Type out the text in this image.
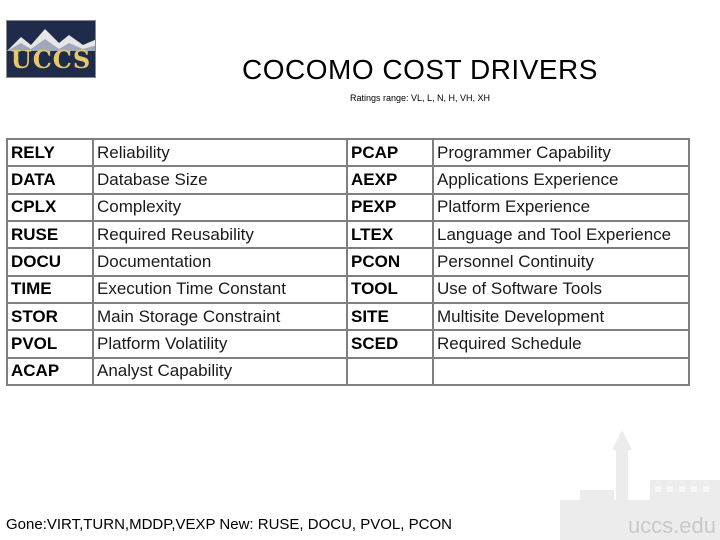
UCCS	COCOMO COST DRIVERS
Ratings range: VL, L, N, H, VH, XH
RELY	Reliability	PCAP	Programmer Capability
DATA	Database Size	AEXP	Applications Experience
CPLX	Complexity	PEXP	Platform Experience
RUSE	Required Reusability	LTEX	Language and Tool Experience
DOCU	Documentation	PCON	Personnel Continuity
TIME	Execution Time Constant	TOOL	Use of Software Tools
STOR	Main Storage Constraint	SITE	Multisite Development
PVOL	Platform Volatility	SCED	Required Schedule
ACAP	Analyst Capability		
uccs.edu
Gone:VIRT,TURN,MDDP,VEXP New: RUSE, DOCU, PVOL, PCON
